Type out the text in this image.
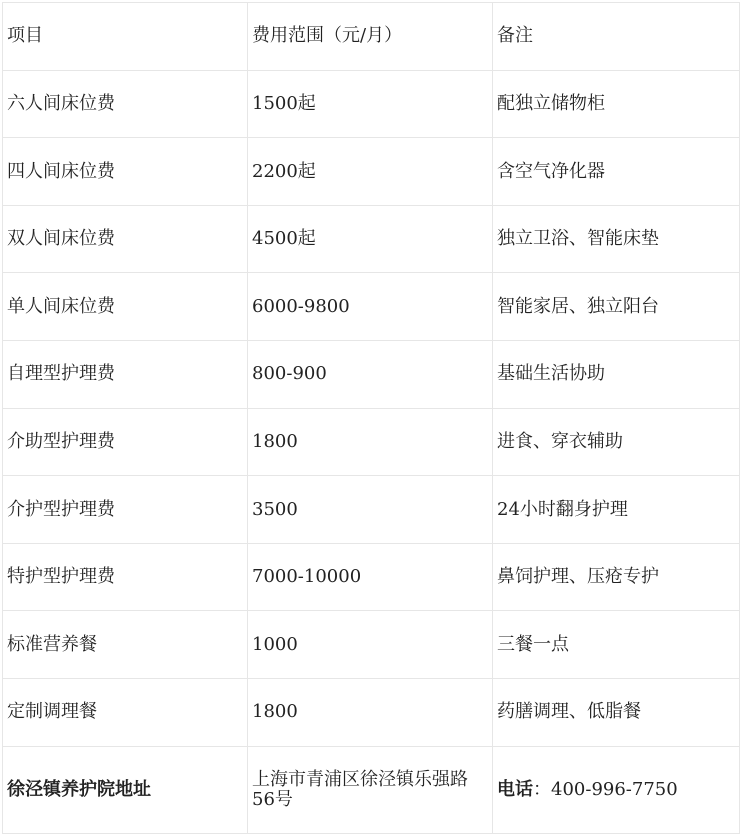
项目	费用范围（元/月）	备注
六人间床位费	1500起	配独立储物柜
四人间床位费	2200起	含空气净化器
双人间床位费	4500起	独立卫浴、智能床垫
单人间床位费	6000-9800	智能家居、独立阳台
自理型护理费	800-900	基础生活协助
介助型护理费	1800	进食、穿衣辅助
介护型护理费	3500	24小时翻身护理
特护型护理费	7000-10000	鼻饲护理、压疮专护
标准营养餐	1000	三餐一点
定制调理餐	1800	药膳调理、低脂餐
徐泾镇养护院地址	上海市青浦区徐泾镇乐强路56号	电话：400-996-7750
